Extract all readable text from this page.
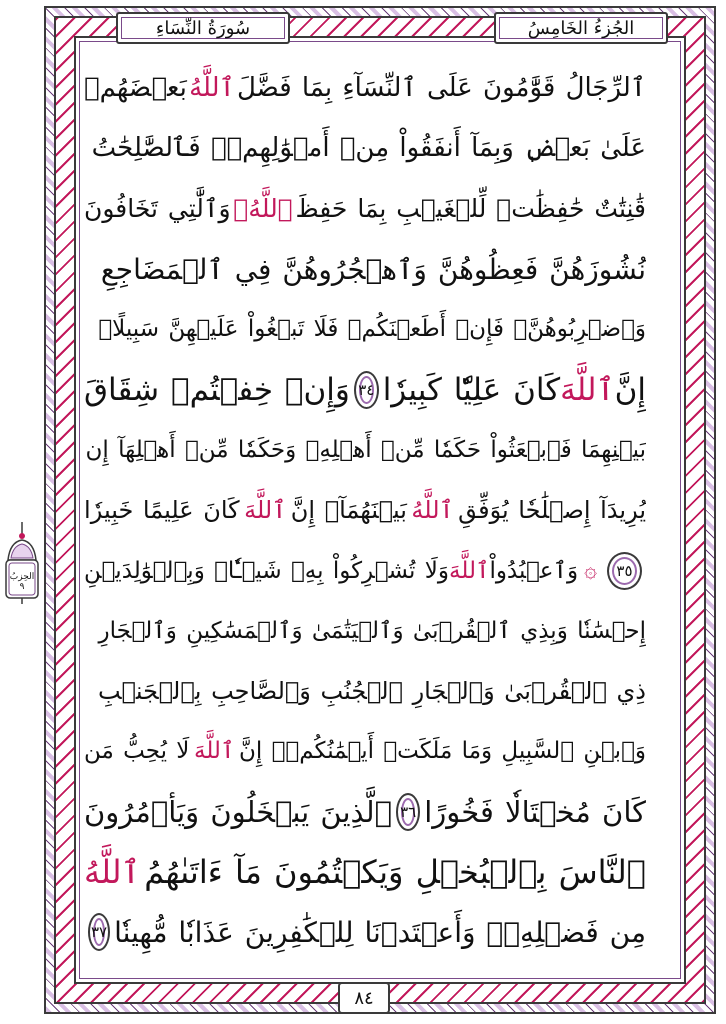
سُورَةُ النِّسَاءِ	الجُزءُ الخَامِسُ
الحِزبُ ٩
ٱلرِّجَالُ قَوَّٰمُونَ عَلَى ٱلنِّسَآءِ بِمَا فَضَّلَ
ٱللَّهُ
بَعۡضَهُمۡ
عَلَىٰ بَعۡضٖ وَبِمَآ أَنفَقُواْ مِنۡ أَمۡوَٰلِهِمۡۚ فَٱلصَّٰلِحَٰتُ
قَٰنِتَٰتٌ حَٰفِظَٰتٞ لِّلۡغَيۡبِ بِمَا حَفِظَ
ٱللَّهُۚ
وَٱلَّٰتِي تَخَافُونَ
نُشُوزَهُنَّ فَعِظُوهُنَّ وَٱهۡجُرُوهُنَّ فِي ٱلۡمَضَاجِعِ
وَٱضۡرِبُوهُنَّۖ فَإِنۡ أَطَعۡنَكُمۡ فَلَا تَبۡغُواْ عَلَيۡهِنَّ سَبِيلًاۗ
إِنَّ
ٱللَّهَ
كَانَ عَلِيّٗا كَبِيرٗا
٣٤
وَإِنۡ خِفۡتُمۡ شِقَاقَ
بَيۡنِهِمَا فَٱبۡعَثُواْ حَكَمٗا مِّنۡ أَهۡلِهِۦ وَحَكَمٗا مِّنۡ أَهۡلِهَآ إِن
يُرِيدَآ إِصۡلَٰحٗا يُوَفِّقِ
ٱللَّهُ
بَيۡنَهُمَآۗ إِنَّ
ٱللَّهَ
كَانَ عَلِيمًا خَبِيرٗا
٣٥
۞
وَٱعۡبُدُواْ
ٱللَّهَ
وَلَا تُشۡرِكُواْ بِهِۦ شَيۡـٔٗاۖ وَبِٱلۡوَٰلِدَيۡنِ
إِحۡسَٰنٗا وَبِذِي ٱلۡقُرۡبَىٰ وَٱلۡيَتَٰمَىٰ وَٱلۡمَسَٰكِينِ وَٱلۡجَارِ
ذِي ٱلۡقُرۡبَىٰ وَٱلۡجَارِ ٱلۡجُنُبِ وَٱلصَّاحِبِ بِٱلۡجَنۢبِ
وَٱبۡنِ ٱلسَّبِيلِ وَمَا مَلَكَتۡ أَيۡمَٰنُكُمۡۗ إِنَّ
ٱللَّهَ
لَا يُحِبُّ مَن
كَانَ مُخۡتَالٗا فَخُورًا
٣٦
ٱلَّذِينَ يَبۡخَلُونَ وَيَأۡمُرُونَ
ٱلنَّاسَ بِٱلۡبُخۡلِ وَيَكۡتُمُونَ مَآ ءَاتَىٰهُمُ
ٱللَّهُ
مِن فَضۡلِهِۦۗ وَأَعۡتَدۡنَا لِلۡكَٰفِرِينَ عَذَابٗا مُّهِينٗا
٣٧
٨٤
